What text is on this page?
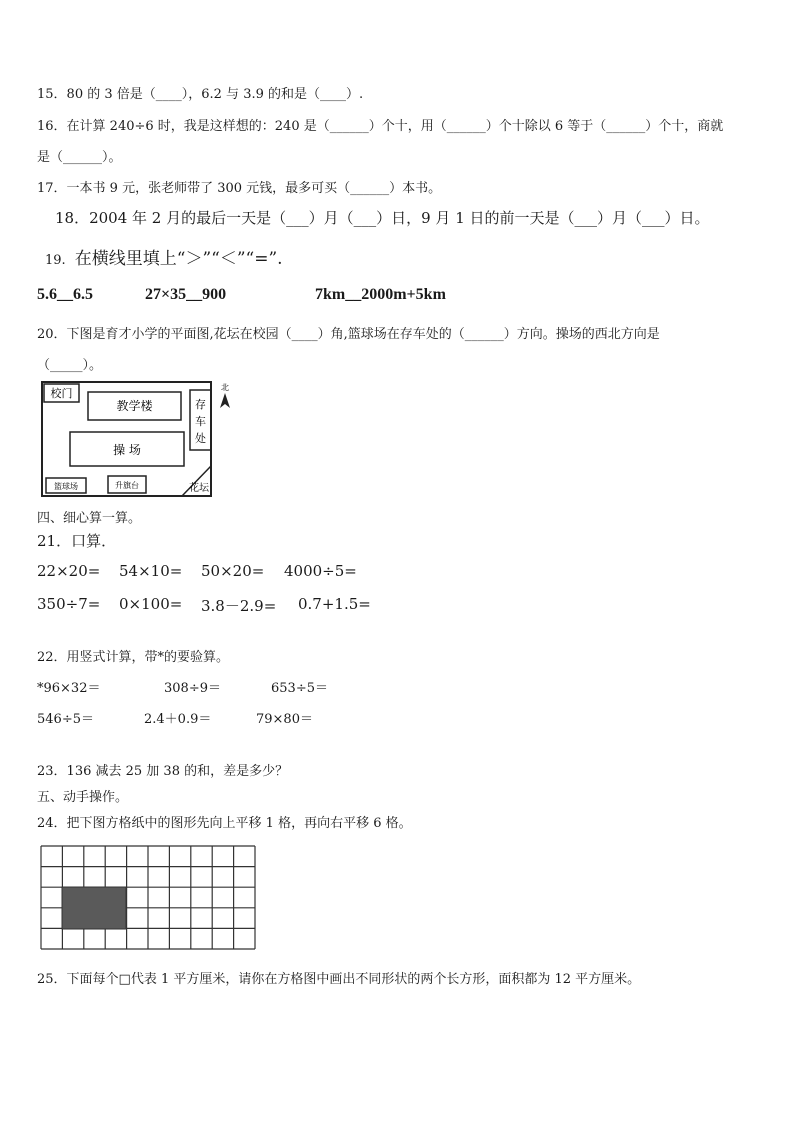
15．80 的 3 倍是（____），6.2 与 3.9 的和是（____）.
16．在计算 240÷6 时，我是这样想的：240 是（______）个十，用（______）个十除以 6 等于（______）个十，商就
是（______）。
17．一本书 9 元，张老师带了 300 元钱，最多可买（______）本书。
18．2004 年 2 月的最后一天是（___）月（___）日，9 月 1 日的前一天是（___）月（___）日。
19. 在横线里填上“＞”“＜”“=”.
5.6__6.5	27×35__900	7km__2000m+5km
20．下图是育才小学的平面图,花坛在校园（____）角,篮球场在存车处的（______）方向。操场的西北方向是
（_____）。
校门
教学楼	存
车
处
操 场
篮球场	升旗台	花坛
北
四、细心算一算。
21．口算．
22×20= 54×10= 50×20= 4000÷5=
350÷7= 0×100= 3.8－2.9= 0.7+1.5=
22．用竖式计算，带*的要验算。
*96×32＝	308÷9＝	653÷5＝
546÷5＝	2.4＋0.9＝	79×80＝
23．136 减去 25 加 38 的和，差是多少？
五、动手操作。
24．把下图方格纸中的图形先向上平移 1 格，再向右平移 6 格。
25．下面每个□代表 1 平方厘米，请你在方格图中画出不同形状的两个长方形，面积都为 12 平方厘米。
